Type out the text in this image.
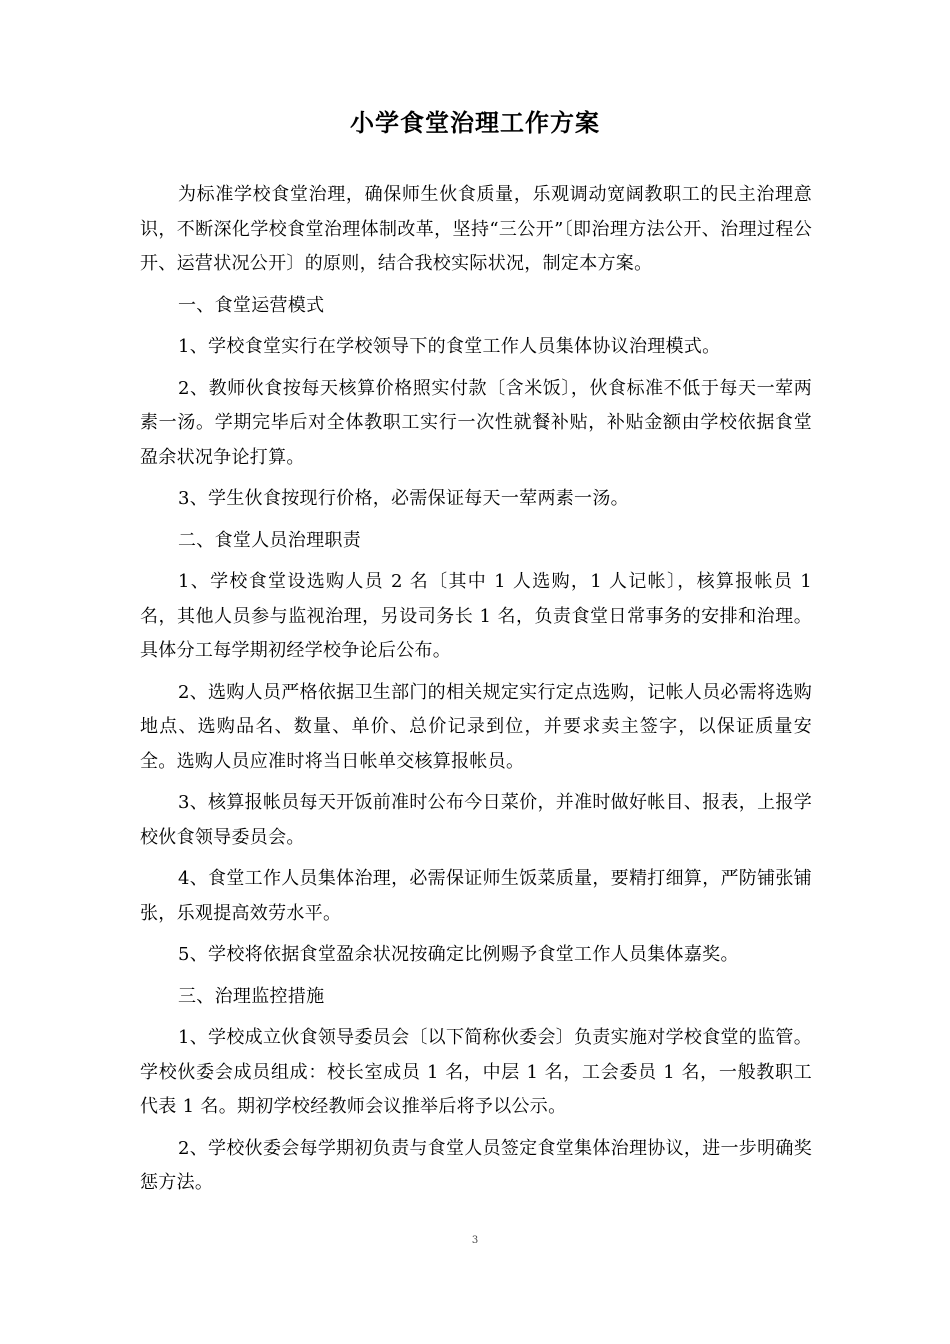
小学食堂治理工作方案

为标准学校食堂治理，确保师生伙食质量，乐观调动宽阔教职工的民主治理意识，不断深化学校食堂治理体制改革，坚持“三公开”〔即治理方法公开、治理过程公开、运营状况公开〕的原则，结合我校实际状况，制定本方案。

一、食堂运营模式

1、学校食堂实行在学校领导下的食堂工作人员集体协议治理模式。

2、教师伙食按每天核算价格照实付款〔含米饭〕，伙食标准不低于每天一荤两素一汤。学期完毕后对全体教职工实行一次性就餐补贴，补贴金额由学校依据食堂盈余状况争论打算。

3、学生伙食按现行价格，必需保证每天一荤两素一汤。

二、食堂人员治理职责

1、学校食堂设选购人员 2 名〔其中 1 人选购，1 人记帐〕，核算报帐员 1 名，其他人员参与监视治理，另设司务长 1 名，负责食堂日常事务的安排和治理。具体分工每学期初经学校争论后公布。

2、选购人员严格依据卫生部门的相关规定实行定点选购，记帐人员必需将选购地点、选购品名、数量、单价、总价记录到位，并要求卖主签字，以保证质量安全。选购人员应准时将当日帐单交核算报帐员。

3、核算报帐员每天开饭前准时公布今日菜价，并准时做好帐目、报表，上报学校伙食领导委员会。

4、食堂工作人员集体治理，必需保证师生饭菜质量，要精打细算，严防铺张铺张，乐观提高效劳水平。

5、学校将依据食堂盈余状况按确定比例赐予食堂工作人员集体嘉奖。

三、治理监控措施

1、学校成立伙食领导委员会〔以下简称伙委会〕负责实施对学校食堂的监管。学校伙委会成员组成：校长室成员 1 名，中层 1 名，工会委员 1 名，一般教职工代表 1 名。期初学校经教师会议推举后将予以公示。

2、学校伙委会每学期初负责与食堂人员签定食堂集体治理协议，进一步明确奖惩方法。

3
